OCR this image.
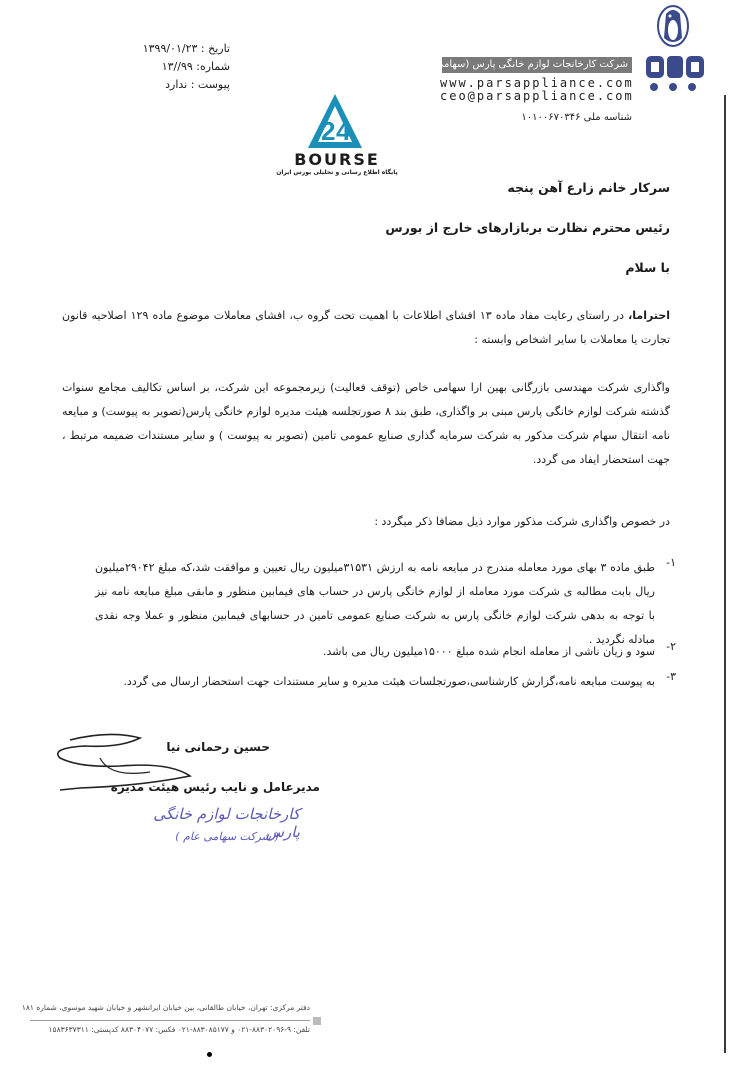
شرکت کارخانجات لوازم خانگی پارس (سهامی عام)
www.parsappliance.com
ceo@parsappliance.com
شناسه ملی ۱۰۱۰۰۶۷۰۳۴۶
تاریخ : ۱۳۹۹/۰۱/۲۳
شماره: ۹۹//۱۳
پیوست : ندارد
2 4
BOURSE
پایگاه اطلاع رسانی و تحلیلی بورس ایران
سرکار خانم زارع آهن پنجه
رئیس محترم نظارت بربازارهای خارج از بورس
با سلام
احتراما، در راستای رعایت مفاد ماده ۱۳ افشای اطلاعات با اهمیت تحت گروه ب، افشای معاملات موضوع ماده ۱۲۹ اصلاحیه قانون تجارت یا معاملات با سایر اشخاص وابسته :
واگذاری شرکت مهندسی بازرگانی بهین ارا سهامی خاص (توقف فعالیت) زیرمجموعه این شرکت، بر اساس تکالیف مجامع سنوات گذشته شرکت لوازم خانگی پارس مبنی بر واگذاری، طبق بند ۸ صورتجلسه هیئت مدیره لوازم خانگی پارس(تصویر به پیوست) و مبایعه نامه انتقال سهام شرکت مذکور به شرکت سرمایه گذاری صنایع عمومی تامین (تصویر به پیوست ) و سایر مستندات ضمیمه مرتبط ، جهت استحضار ایفاد می گردد.
در خصوص واگذاری شرکت مذکور موارد ذیل مضافا ذکر میگردد :
۱-
طبق ماده ۳ بهای مورد معامله مندرج در مبایعه نامه به ارزش ۳۱۵۳۱میلیون ریال تعیین و موافقت شد،که مبلغ ۲۹۰۴۲میلیون ریال بابت مطالبه ی شرکت مورد معامله از لوازم خانگی پارس در حساب های فیمابین منظور و مابقی مبلغ مبایعه نامه نیز با توجه به بدهی شرکت لوازم خانگی پارس به شرکت صنایع عمومی تامین در حسابهای فیمابین منظور و عملا وجه نقدی مبادله نگردید .
۲-
سود و زیان ناشی از معامله انجام شده مبلغ ۱۵۰۰۰میلیون ریال می باشد.
۳-
به پیوست مبایعه نامه،گزارش کارشناسی،صورتجلسات هیئت مدیره و سایر مستندات جهت استحضار ارسال می گردد.
حسین رحمانی نیا
مدیرعامل و نایب رئیس هیئت مدیره
کارخانجات لوازم خانگی پارس
( شرکت سهامی عام )
دفتر مرکزی: تهران، خیابان طالقانی، بین خیابان ایرانشهر و خیابان شهید موسوی، شماره ۱۸۱
تلفن: ۹-۸۸۳۰۲۰۹۶-۰۲۱ و ۸۸۳۰۸۵۱۷۷-۰۲۱ فکس: ۸۸۳۰۴۰۷۷ کدپستی: ۱۵۸۳۶۳۷۳۱۱
